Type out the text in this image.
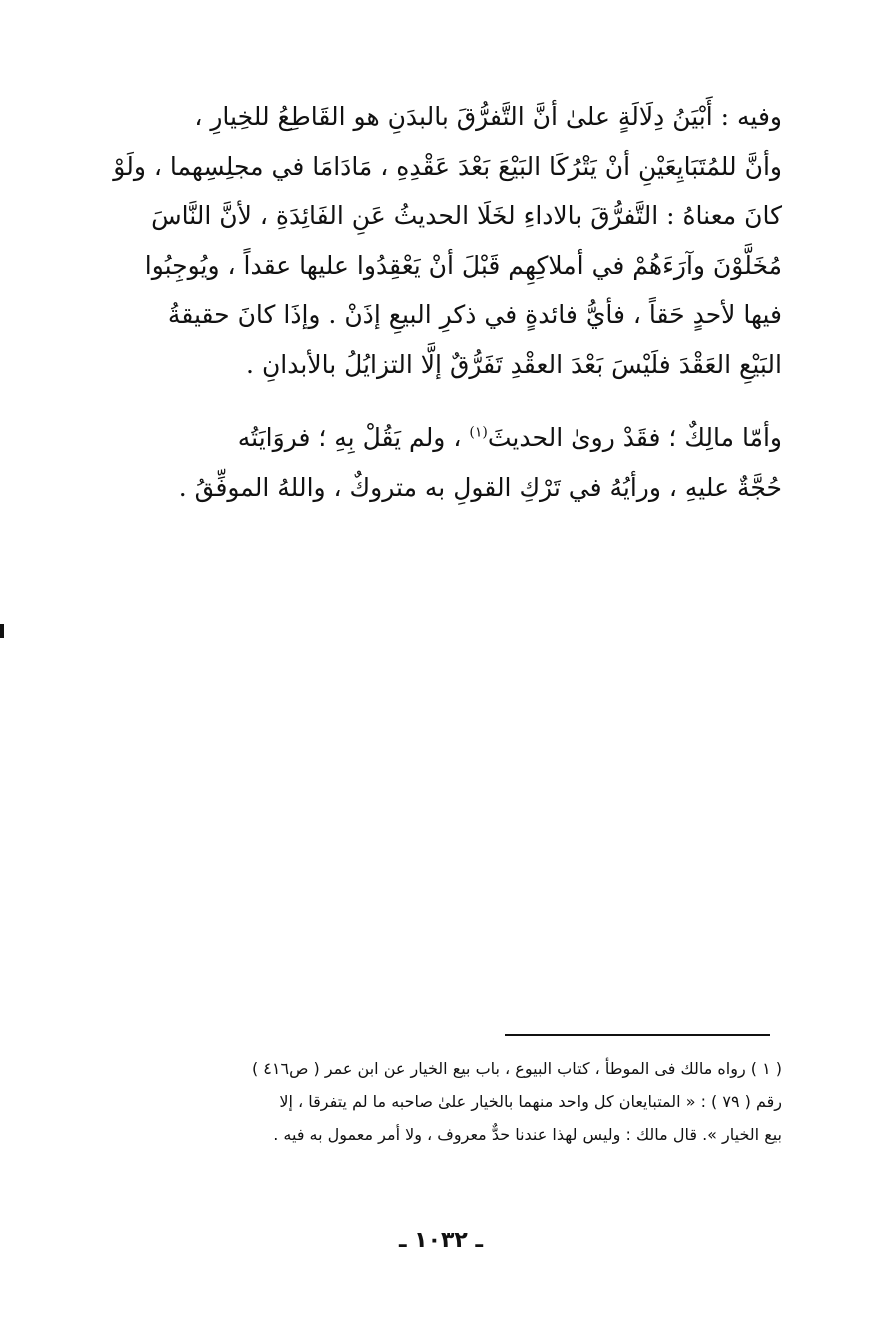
وفيه : أَبْيَنُ دِلَالَةٍ علىٰ أنَّ التَّفرُّقَ بالبدَنِ هو القَاطِعُ للخِيارِ ،

وأنَّ للمُتَبَايِعَيْنِ أنْ يَتْرُكَا البَيْعَ بَعْدَ عَقْدِهِ ، مَادَامَا في مجلِسِهما ، ولَوْ

كانَ معناهُ : التَّفرُّقَ بالاداءِ لخَلَا الحديثُ عَنِ الفَائِدَةِ ، لأنَّ النَّاسَ

مُخَلَّوْنَ وآرَءَهُمْ في أملاكِهِم قَبْلَ أنْ يَعْقِدُوا عليها عقداً ، ويُوجِبُوا

فيها لأحدٍ حَقاً ، فأيُّ فائدةٍ في ذكرِ البيعِ إذَنْ . وإذَا كانَ حقيقةُ

البَيْعِ العَقْدَ فلَيْسَ بَعْدَ العقْدِ تَفَرُّقٌ إلَّا التزايُلُ بالأبدانِ .

وأمّا مالِكٌ ؛ فقَدْ روىٰ الحديثَ$^{(١)}$ ، ولم يَقُلْ بِهِ ؛ فروَايَتُه

حُجَّةٌ عليهِ ، ورأيُهُ في تَرْكِ القولِ به متروكٌ ، واللهُ الموفِّقُ .

( ١ ) رواه مالك فى الموطأ ، كتاب البيوع ، باب بيع الخيار عن ابن عمر ( ص٤١٦ )

رقم ( ٧٩ ) : « المتبايعان كل واحد منهما بالخيار علىٰ صاحبه ما لم يتفرقا ، إلا

بيع الخيار ». قال مالك : وليس لهذا عندنا حدٌّ معروف ، ولا أمر معمول به فيه .

ـ ١٠٣٢ ـ
